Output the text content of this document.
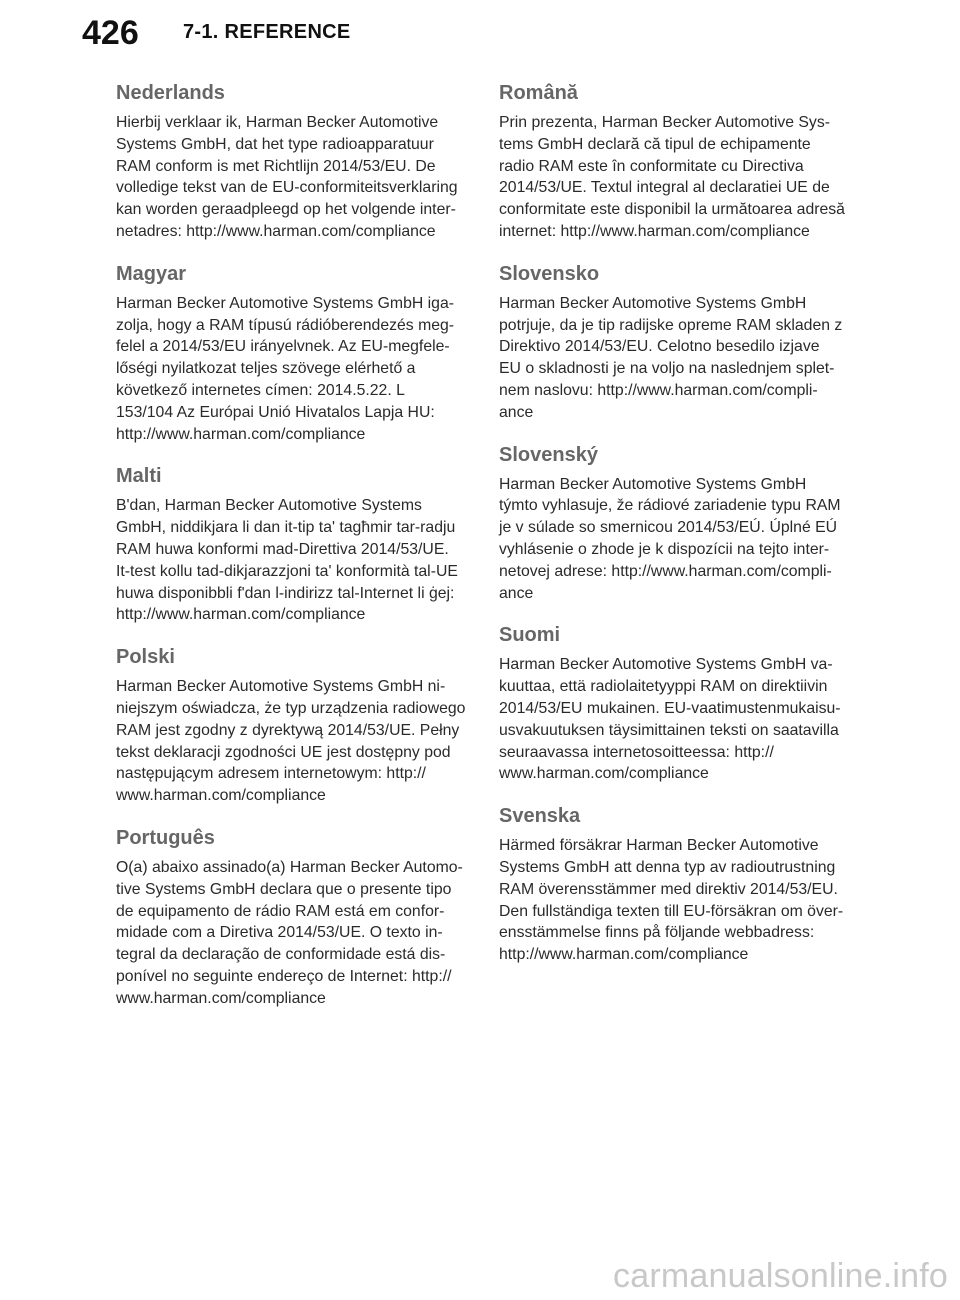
426 7-1. REFERENCE
Nederlands

Hierbij verklaar ik, Harman Becker Automotive
Systems GmbH, dat het type radioapparatuur
RAM conform is met Richtlijn 2014/53/EU. De
volledige tekst van de EU-conformiteitsverklaring
kan worden geraadpleegd op het volgende inter-
netadres: http://www.harman.com/compliance

Magyar

Harman Becker Automotive Systems GmbH iga-
zolja, hogy a RAM típusú rádióberendezés meg-
felel a 2014/53/EU irányelvnek. Az EU-megfele-
lőségi nyilatkozat teljes szövege elérhető a
következő internetes címen: 2014.5.22. L
153/104 Az Európai Unió Hivatalos Lapja HU:
http://www.harman.com/compliance

Malti

B'dan, Harman Becker Automotive Systems
GmbH, niddikjara li dan it-tip ta' tagħmir tar-radju
RAM huwa konformi mad-Direttiva 2014/53/UE.
It-test kollu tad-dikjarazzjoni ta' konformità tal-UE
huwa disponibbli f'dan l-indirizz tal-Internet li ġej:
http://www.harman.com/compliance

Polski

Harman Becker Automotive Systems GmbH ni-
niejszym oświadcza, że typ urządzenia radiowego
RAM jest zgodny z dyrektywą 2014/53/UE. Pełny
tekst deklaracji zgodności UE jest dostępny pod
następującym adresem internetowym: http://
www.harman.com/compliance

Português

O(a) abaixo assinado(a) Harman Becker Automo-
tive Systems GmbH declara que o presente tipo
de equipamento de rádio RAM está em confor-
midade com a Diretiva 2014/53/UE. O texto in-
tegral da declaração de conformidade está dis-
ponível no seguinte endereço de Internet: http://
www.harman.com/compliance

Română

Prin prezenta, Harman Becker Automotive Sys-
tems GmbH declară că tipul de echipamente
radio RAM este în conformitate cu Directiva
2014/53/UE. Textul integral al declaratiei UE de
conformitate este disponibil la următoarea adresă
internet: http://www.harman.com/compliance

Slovensko

Harman Becker Automotive Systems GmbH
potrjuje, da je tip radijske opreme RAM skladen z
Direktivo 2014/53/EU. Celotno besedilo izjave
EU o skladnosti je na voljo na naslednjem splet-
nem naslovu: http://www.harman.com/compli-
ance

Slovenský

Harman Becker Automotive Systems GmbH
týmto vyhlasuje, že rádiové zariadenie typu RAM
je v súlade so smernicou 2014/53/EÚ. Úplné EÚ
vyhlásenie o zhode je k dispozícii na tejto inter-
netovej adrese: http://www.harman.com/compli-
ance

Suomi

Harman Becker Automotive Systems GmbH va-
kuuttaa, että radiolaitetyyppi RAM on direktiivin
2014/53/EU mukainen. EU-vaatimustenmukaisu-
usvakuutuksen täysimittainen teksti on saatavilla
seuraavassa internetosoitteessa: http://
www.harman.com/compliance

Svenska

Härmed försäkrar Harman Becker Automotive
Systems GmbH att denna typ av radioutrustning
RAM överensstämmer med direktiv 2014/53/EU.
Den fullständiga texten till EU-försäkran om över-
ensstämmelse finns på följande webbadress:
http://www.harman.com/compliance

carmanualsonline.info
